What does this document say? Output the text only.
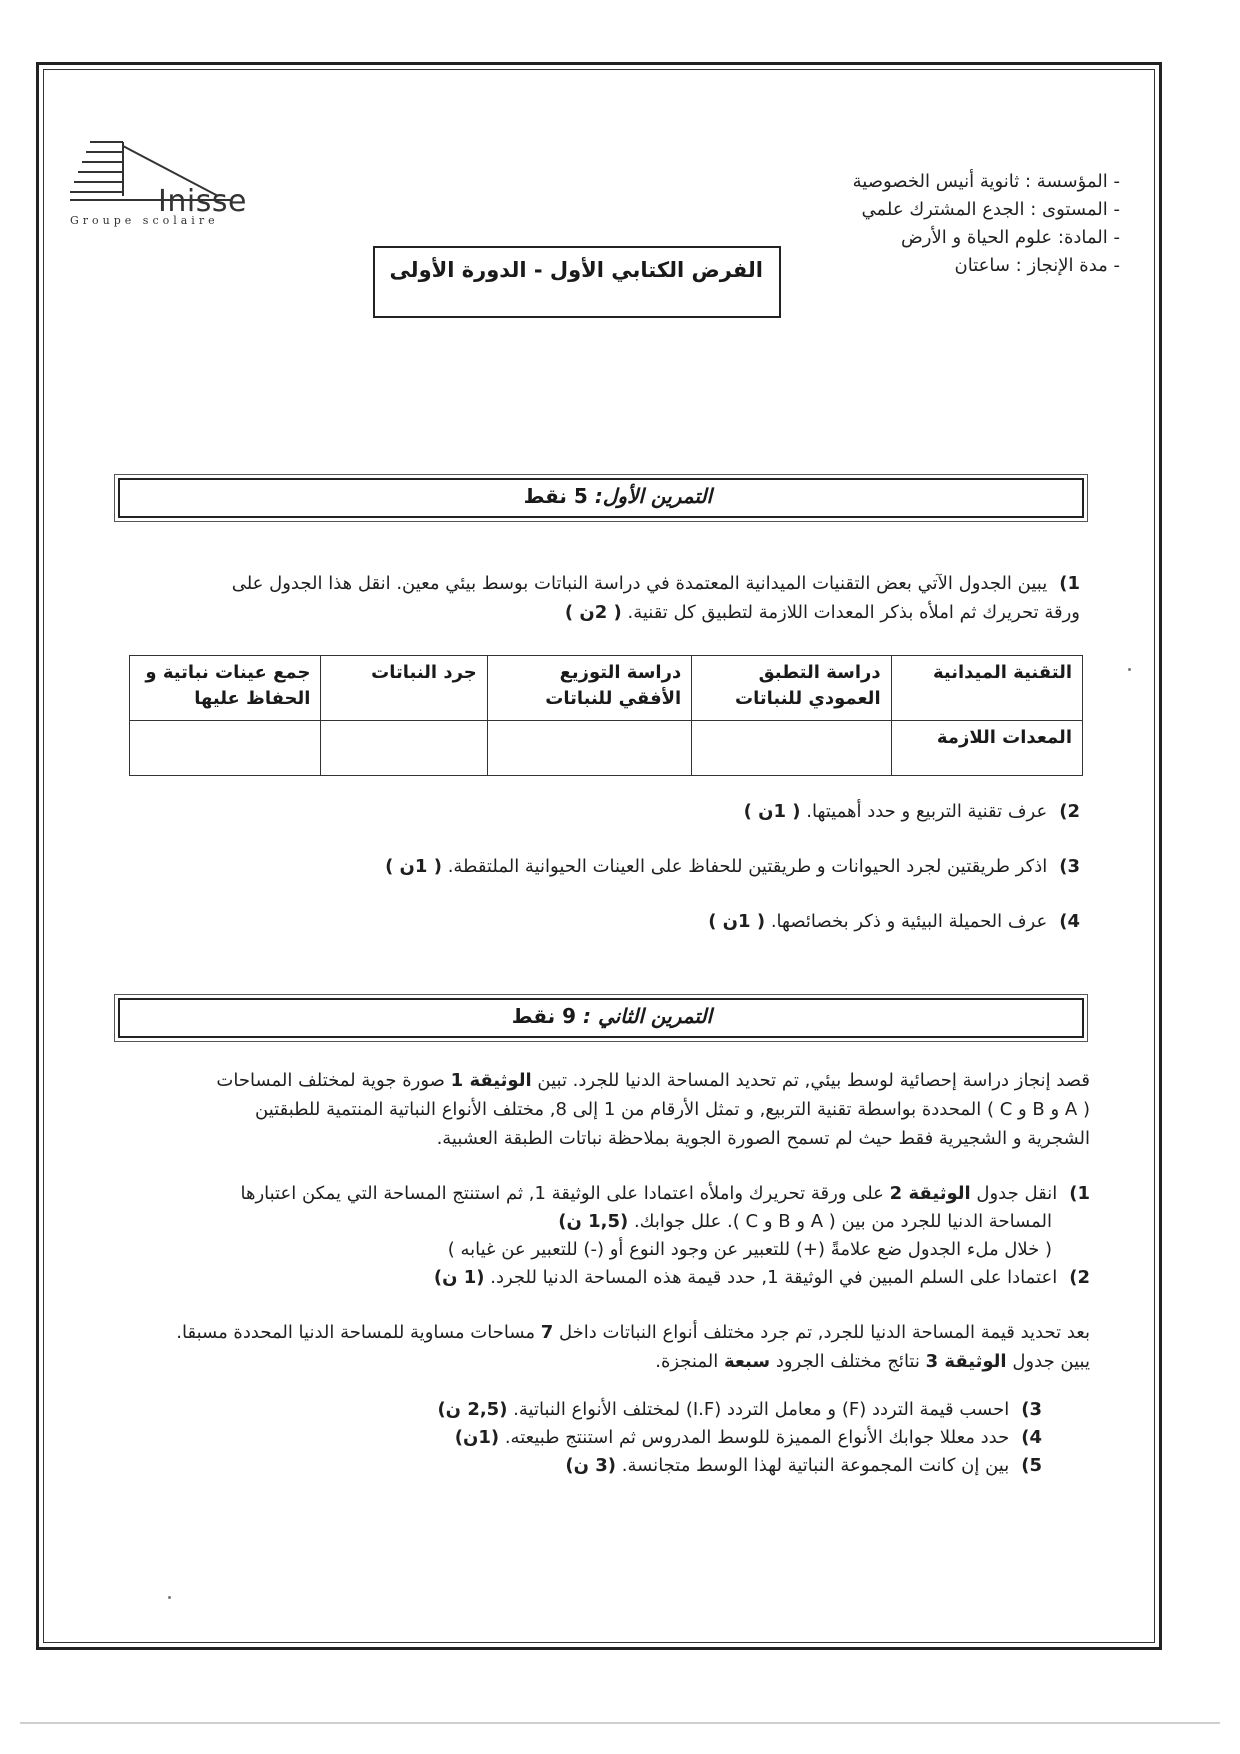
Inisse
Groupe scolaire
- المؤسسة : ثانوية أنيس الخصوصية
- المستوى : الجدع المشترك علمي
- المادة: علوم الحياة و الأرض
- مدة الإنجاز : ساعتان
الفرض الكتابي الأول - الدورة الأولى
التمرين الأول: 5 نقط
1)يبين الجدول الآتي بعض التقنيات الميدانية المعتمدة في دراسة النباتات بوسط بيئي معين. انقل هذا الجدول على
ورقة تحريرك ثم املأه بذكر المعدات اللازمة لتطبيق كل تقنية. ( 2ن )
التقنية الميدانية	دراسة التطبق العمودي للنباتات	دراسة التوزيع الأفقي للنباتات	جرد النباتات	جمع عينات نباتية و الحفاظ عليها
المعدات اللازمة				
2)عرف تقنية التربيع و حدد أهميتها. ( 1ن )
3)اذكر طريقتين لجرد الحيوانات و طريقتين للحفاظ على العينات الحيوانية الملتقطة. ( 1ن )
4)عرف الحميلة البيئية و ذكر بخصائصها. ( 1ن )
التمرين الثاني : 9 نقط
قصد إنجاز دراسة إحصائية لوسط بيئي, تم تحديد المساحة الدنيا للجرد. تبين الوثيقة 1 صورة جوية لمختلف المساحات
( A و B و C ) المحددة بواسطة تقنية التربيع, و تمثل الأرقام من 1 إلى 8, مختلف الأنواع النباتية المنتمية للطبقتين
الشجرية و الشجيرية فقط حيث لم تسمح الصورة الجوية بملاحظة نباتات الطبقة العشبية.
1)انقل جدول الوثيقة 2 على ورقة تحريرك واملأه اعتمادا على الوثيقة 1, ثم استنتج المساحة التي يمكن اعتبارها
المساحة الدنيا للجرد من بين ( A و B و C ). علل جوابك. (1,5 ن)
( خلال ملء الجدول ضع علامةً (+) للتعبير عن وجود النوع أو (-) للتعبير عن غيابه )
2)اعتمادا على السلم المبين في الوثيقة 1, حدد قيمة هذه المساحة الدنيا للجرد. (1 ن)
بعد تحديد قيمة المساحة الدنيا للجرد, تم جرد مختلف أنواع النباتات داخل 7 مساحات مساوية للمساحة الدنيا المحددة مسبقا.
يبين جدول الوثيقة 3 نتائج مختلف الجرود سبعة المنجزة.
3)احسب قيمة التردد (F) و معامل التردد (I.F) لمختلف الأنواع النباتية. (2,5 ن)
4)حدد معللا جوابك الأنواع المميزة للوسط المدروس ثم استنتج طبيعته. (1ن)
5)بين إن كانت المجموعة النباتية لهذا الوسط متجانسة. (3 ن)
